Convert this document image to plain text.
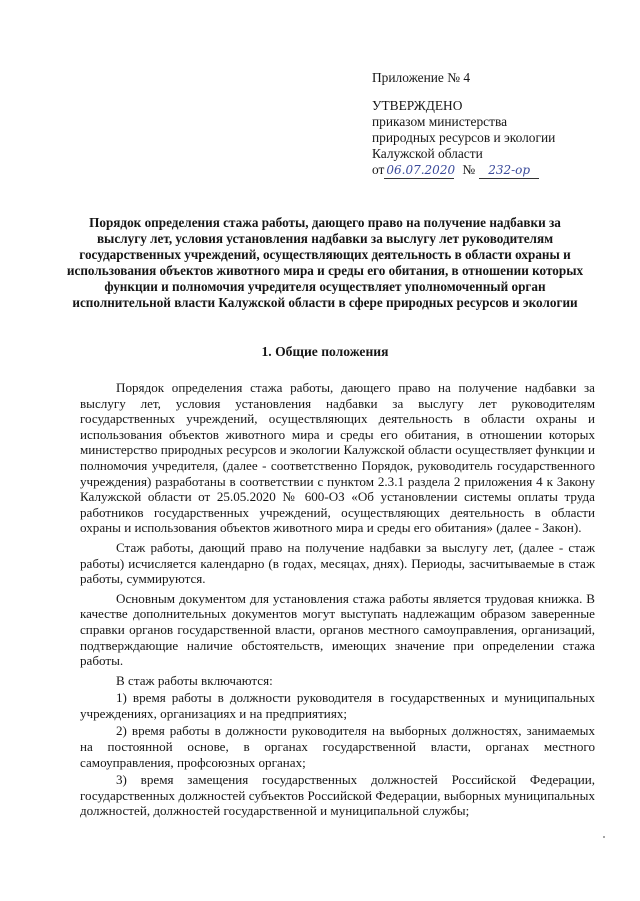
Приложение № 4
УТВЕРЖДЕНО
приказом министерства
природных ресурсов и экологии
Калужской области
от 06.07.2020 №	232-ор
Порядок определения стажа работы, дающего право на получение надбавки за выслугу лет, условия установления надбавки за выслугу лет руководителям государственных учреждений, осуществляющих деятельность в области охраны и использования объектов животного мира и среды его обитания, в отношении которых функции и полномочия учредителя осуществляет уполномоченный орган исполнительной власти Калужской области в сфере природных ресурсов и экологии
1. Общие положения

Порядок определения стажа работы, дающего право на получение надбавки за выслугу лет, условия установления надбавки за выслугу лет руководителям государственных учреждений, осуществляющих деятельность в области охраны и использования объектов животного мира и среды его обитания, в отношении которых министерство природных ресурсов и экологии Калужской области осуществляет функции и полномочия учредителя, (далее - соответственно Порядок, руководитель государственного учреждения) разработаны в соответствии с пунктом 2.3.1 раздела 2 приложения 4 к Закону Калужской области от 25.05.2020 № 600-ОЗ «Об установлении системы оплаты труда работников государственных учреждений, осуществляющих деятельность в области охраны и использования объектов животного мира и среды его обитания» (далее - Закон).

Стаж работы, дающий право на получение надбавки за выслугу лет, (далее - стаж работы) исчисляется календарно (в годах, месяцах, днях). Периоды, засчитываемые в стаж работы, суммируются.

Основным документом для установления стажа работы является трудовая книжка. В качестве дополнительных документов могут выступать надлежащим образом заверенные справки органов государственной власти, органов местного самоуправления, организаций, подтверждающие наличие обстоятельств, имеющих значение при определении стажа работы.

В стаж работы включаются:

1) время работы в должности руководителя в государственных и муниципальных учреждениях, организациях и на предприятиях;

2) время работы в должности руководителя на выборных должностях, занимаемых на постоянной основе, в органах государственной власти, органах местного самоуправления, профсоюзных органах;

3) время замещения государственных должностей Российской Федерации, государственных должностей субъектов Российской Федерации, выборных муниципальных должностей, должностей государственной и муниципальной службы;
